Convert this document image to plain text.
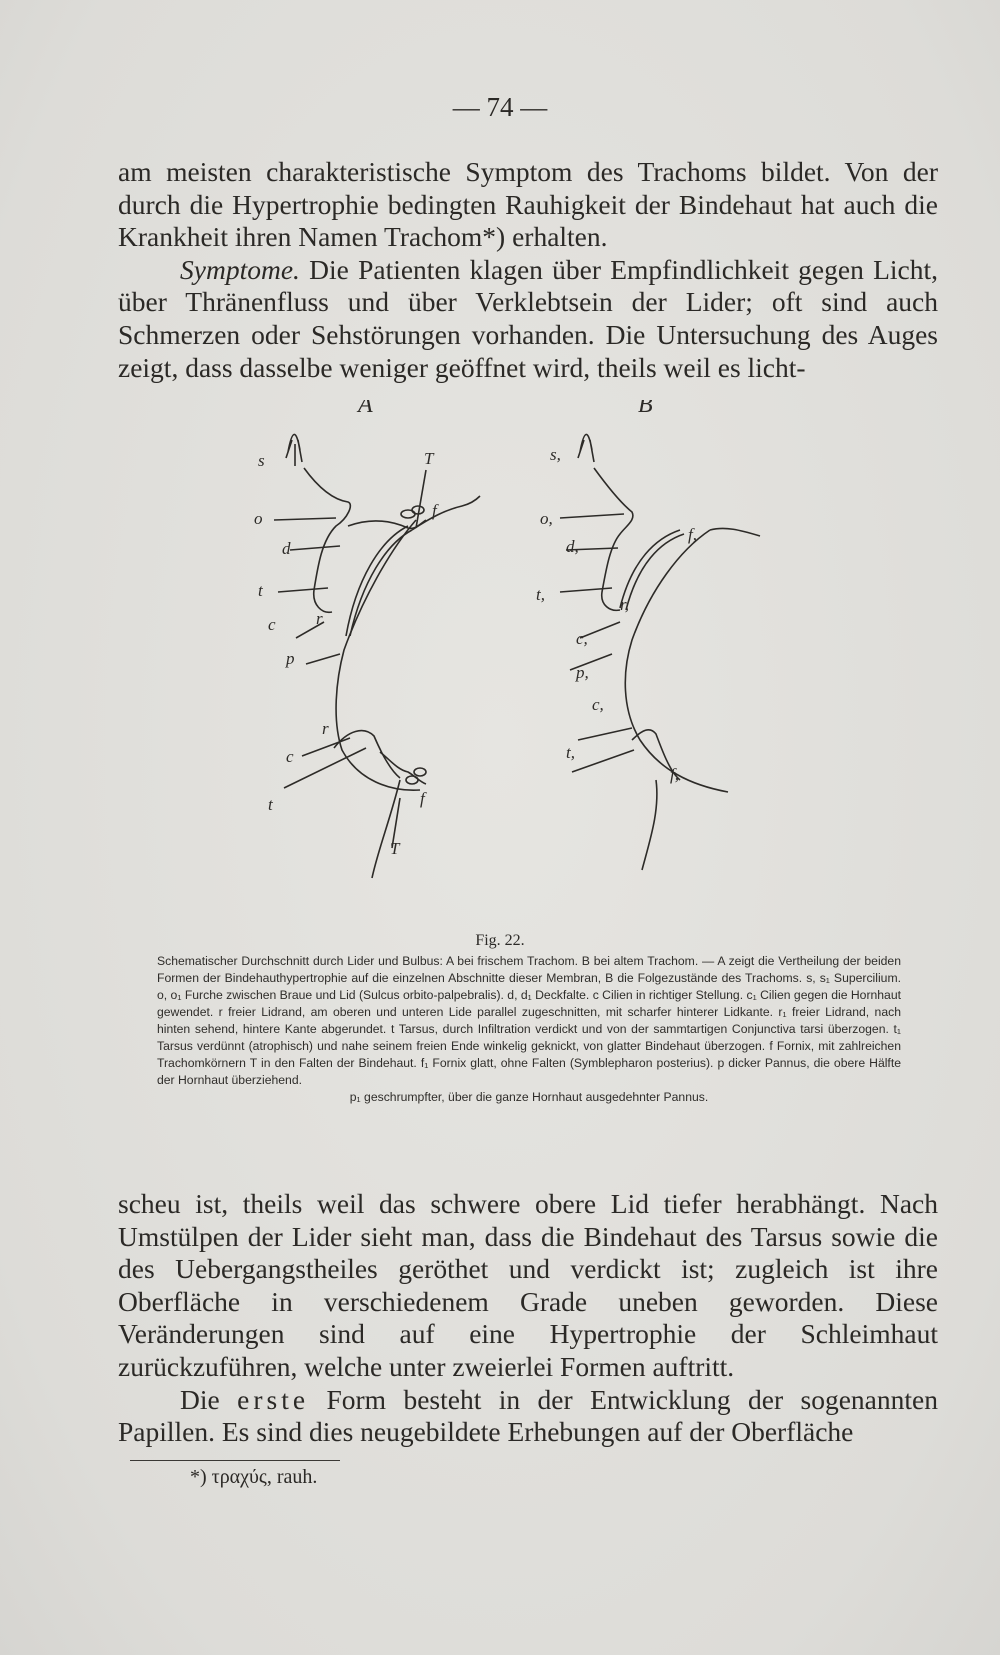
— 74 —

am meisten charakteristische Symptom des Trachoms bildet. Von der durch die Hypertrophie bedingten Rauhigkeit der Bindehaut hat auch die Krankheit ihren Namen Trachom*) erhalten.

Symptome. Die Patienten klagen über Empfindlichkeit gegen Licht, über Thränenfluss und über Verklebtsein der Lider; oft sind auch Schmerzen oder Sehstörungen vorhanden. Die Untersuchung des Auges zeigt, dass dasselbe weniger geöffnet wird, theils weil es licht-

A	B
s
o
d
t
c r
p
T
f
r
c
t	f
T
s,
o,
d,
t,
f,
r,
c,
p,
c,
t,
f,
Fig. 22.

Schematischer Durchschnitt durch Lider und Bulbus: A bei frischem Trachom. B bei altem Trachom. — A zeigt die Vertheilung der beiden Formen der Bindehauthypertrophie auf die einzelnen Abschnitte dieser Membran, B die Folgezustände des Trachoms. s, s₁ Supercilium. o, o₁ Furche zwischen Braue und Lid (Sulcus orbito-palpebralis). d, d₁ Deckfalte. c Cilien in richtiger Stellung. c₁ Cilien gegen die Hornhaut gewendet. r freier Lidrand, am oberen und unteren Lide parallel zugeschnitten, mit scharfer hinterer Lidkante. r₁ freier Lidrand, nach hinten sehend, hintere Kante abgerundet. t Tarsus, durch Infiltration verdickt und von der sammtartigen Conjunctiva tarsi überzogen. t₁ Tarsus verdünnt (atrophisch) und nahe seinem freien Ende winkelig geknickt, von glatter Bindehaut überzogen. f Fornix, mit zahlreichen Trachomkörnern T in den Falten der Bindehaut. f₁ Fornix glatt, ohne Falten (Symblepharon posterius). p dicker Pannus, die obere Hälfte der Hornhaut überziehend.

p₁ geschrumpfter, über die ganze Hornhaut ausgedehnter Pannus.

scheu ist, theils weil das schwere obere Lid tiefer herabhängt. Nach Umstülpen der Lider sieht man, dass die Bindehaut des Tarsus sowie die des Uebergangstheiles geröthet und verdickt ist; zugleich ist ihre Oberfläche in verschiedenem Grade uneben geworden. Diese Veränderungen sind auf eine Hypertrophie der Schleimhaut zurückzuführen, welche unter zweierlei Formen auftritt.

Die erste Form besteht in der Entwicklung der sogenannten Papillen. Es sind dies neugebildete Erhebungen auf der Oberfläche

*) τραχύς, rauh.
